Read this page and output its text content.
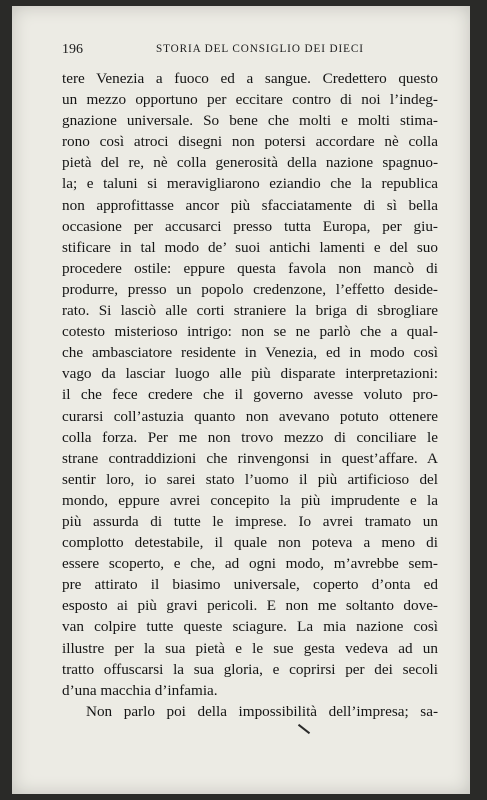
196	STORIA DEL CONSIGLIO DEI DIECI
tere Venezia a fuoco ed a sangue. Credettero questo
un mezzo opportuno per eccitare contro di noi l’indeg-
gnazione universale. So bene che molti e molti stima-
rono così atroci disegni non potersi accordare nè colla
pietà del re, nè colla generosità della nazione spagnuo-
la; e taluni si meravigliarono eziandio che la republica
non approfittasse ancor più sfacciatamente di sì bella
occasione per accusarci presso tutta Europa, per giu-
stificare in tal modo de’ suoi antichi lamenti e del suo
procedere ostile: eppure questa favola non mancò di
produrre, presso un popolo credenzone, l’effetto deside-
rato. Si lasciò alle corti straniere la briga di sbrogliare
cotesto misterioso intrigo: non se ne parlò che a qual-
che ambasciatore residente in Venezia, ed in modo così
vago da lasciar luogo alle più disparate interpretazioni:
il che fece credere che il governo avesse voluto pro-
curarsi coll’astuzia quanto non avevano potuto ottenere
colla forza. Per me non trovo mezzo di conciliare le
strane contraddizioni che rinvengonsi in quest’affare. A
sentir loro, io sarei stato l’uomo il più artificioso del
mondo, eppure avrei concepito la più imprudente e la
più assurda di tutte le imprese. Io avrei tramato un
complotto detestabile, il quale non poteva a meno di
essere scoperto, e che, ad ogni modo, m’avrebbe sem-
pre attirato il biasimo universale, coperto d’onta ed
esposto ai più gravi pericoli. E non me soltanto dove-
van colpire tutte queste sciagure. La mia nazione così
illustre per la sua pietà e le sue gesta vedeva ad un
tratto offuscarsi la sua gloria, e coprirsi per dei secoli
d’una macchia d’infamia.
Non parlo poi della impossibilità dell’impresa; sa-
